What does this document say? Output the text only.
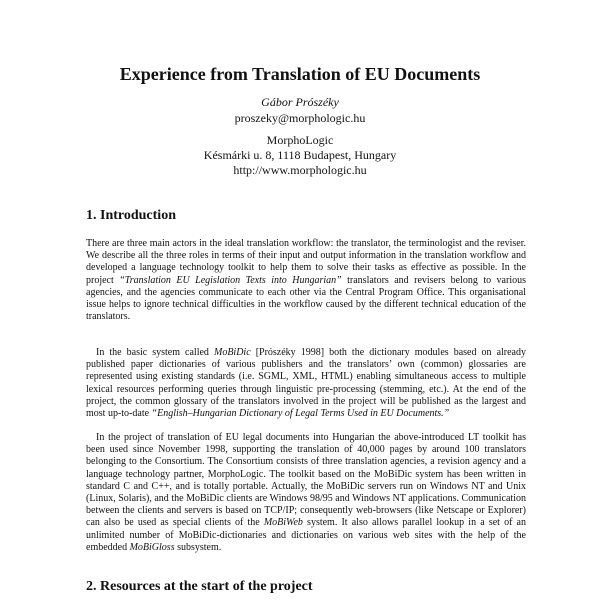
Experience from Translation of EU Documents
Gábor Prószéky
proszeky@morphologic.hu
MorphoLogic
Késmárki u. 8, 1118 Budapest, Hungary
http://www.morphologic.hu
1. Introduction

There are three main actors in the ideal translation workflow: the translator, the terminologist and the reviser. We describe all the three roles in terms of their input and output information in the translation workflow and developed a language technology toolkit to help them to solve their tasks as effective as possible. In the project “Translation EU Legislation Texts into Hungarian” translators and revisers belong to various agencies, and the agencies communicate to each other via the Central Program Office. This organisational issue helps to ignore technical difficulties in the workflow caused by the different technical education of the translators.

In the basic system called MoBiDic [Prószéky 1998] both the dictionary modules based on already published paper dictionaries of various publishers and the translators’ own (common) glossaries are represented using existing standards (i.e. SGML, XML, HTML) enabling simultaneous access to multiple lexical resources performing queries through linguistic pre-processing (stemming, etc.). At the end of the project, the common glossary of the translators involved in the project will be published as the largest and most up-to-date “English–Hungarian Dictionary of Legal Terms Used in EU Documents.”

In the project of translation of EU legal documents into Hungarian the above-introduced LT toolkit has been used since November 1998, supporting the translation of 40,000 pages by around 100 translators belonging to the Consortium. The Consortium consists of three translation agencies, a revision agency and a language technology partner, MorphoLogic. The toolkit based on the MoBiDic system has been written in standard C and C++, and is totally portable. Actually, the MoBiDic servers run on Windows NT and Unix (Linux, Solaris), and the MoBiDic clients are Windows 98/95 and Windows NT applications. Communication between the clients and servers is based on TCP/IP; consequently web-browsers (like Netscape or Explorer) can also be used as special clients of the MoBiWeb system. It also allows parallel lookup in a set of an unlimited number of MoBiDic-dictionaries and dictionaries on various web sites with the help of the embedded MoBiGloss subsystem.

2. Resources at the start of the project
